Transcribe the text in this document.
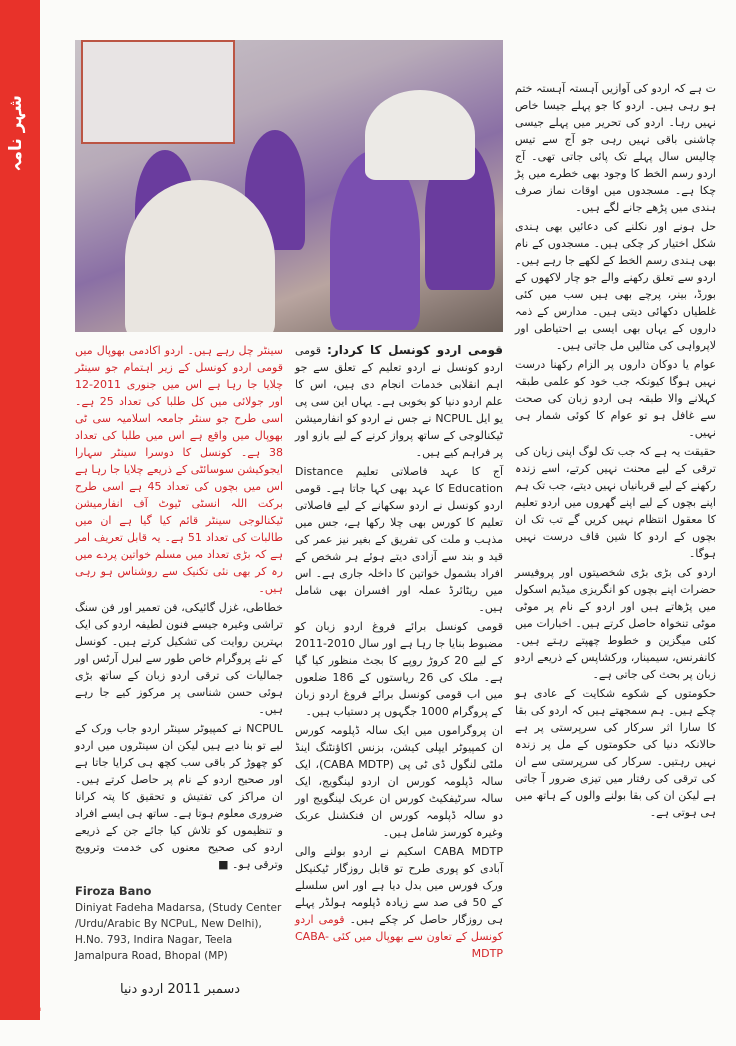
شہر نامہ

سینٹر چل رہے ہیں۔ اردو اکادمی بھوپال میں قومی اردو کونسل کے زیر اہتمام جو سینٹر چلایا جا رہا ہے اس میں جنوری 2011-12 اور جولائی میں کل طلبا کی تعداد 25 ہے۔ اسی طرح جو سنٹر جامعہ اسلامیہ سی ٹی بھوپال میں واقع ہے اس میں طلبا کی تعداد 38 ہے۔ کونسل کا دوسرا سینٹر سہارا ایجوکیشن سوسائٹی کے ذریعے چلایا جا رہا ہے اس میں بچوں کی تعداد 45 ہے اسی طرح برکت اللہ انسٹی ٹیوٹ آف انفارمیشن ٹیکنالوجی سینٹر قائم کیا گیا ہے ان میں طالبات کی تعداد 51 ہے۔ یہ قابل تعریف امر ہے کہ بڑی تعداد میں مسلم خواتین پردے میں رہ کر بھی نئی تکنیک سے روشناس ہو رہی ہیں۔

خطاطی، غزل گائیکی، فن تعمیر اور فن سنگ تراشی وغیرہ جیسے فنون لطیفہ اردو کی ایک بہترین روایت کی تشکیل کرتے ہیں۔ کونسل کے نئے پروگرام خاص طور سے لبرل آرٹس اور جمالیات کی ترقی اردو زبان کے ساتھ بڑی ہوئی حسن شناسی پر مرکوز کیے جا رہے ہیں۔

NCPUL نے کمپیوٹر سینٹر اردو جاب ورک کے لیے تو بنا دیے ہیں لیکن ان سینٹروں میں اردو کو چھوڑ کر باقی سب کچھ ہی کرایا جاتا ہے اور صحیح اردو کے نام پر حاصل کرتے ہیں۔ ان مراکز کی تفتیش و تحقیق کا پتہ کرانا ضروری معلوم ہوتا ہے۔ ساتھ ہی ایسے افراد و تنظیموں کو تلاش کیا جائے جن کے ذریعے اردو کی صحیح معنوں کی خدمت وترویج وترقی ہو۔ ■

Firoza Bano
Diniyat Fadeha Madarsa, (Study Center /Urdu/Arabic By NCPuL, New Delhi), H.No. 793, Indira Nagar, Teela Jamalpura Road, Bhopal (MP)

قومی اردو کونسل کا کردار: قومی اردو کونسل نے اردو تعلیم کے تعلق سے جو اہم انقلابی خدمات انجام دی ہیں، اس کا علم اردو دنیا کو بخوبی ہے۔ یہاں این سی پی یو ایل NCPUL نے جس نے اردو کو انفارمیشن ٹیکنالوجی کے ساتھ پرواز کرنے کے لیے بازو اور پر فراہم کیے ہیں۔

آج کا عہد فاصلاتی تعلیم Distance Education کا عہد بھی کہا جاتا ہے۔ قومی اردو کونسل نے اردو سکھانے کے لیے فاصلاتی تعلیم کا کورس بھی چلا رکھا ہے، جس میں مذہب و ملت کی تفریق کے بغیر نیز عمر کی قید و بند سے آزادی دیتے ہوئے ہر شخص کے افراد بشمول خواتین کا داخلہ جاری ہے۔ اس میں ریٹائرڈ عملہ اور افسران بھی شامل ہیں۔

قومی کونسل برائے فروغ اردو زبان کو مضبوط بنایا جا رہا ہے اور سال 2010-2011 کے لیے 20 کروڑ روپے کا بجٹ منظور کیا گیا ہے۔ ملک کی 26 ریاستوں کے 186 ضلعوں میں اب قومی کونسل برائے فروغ اردو زبان کے پروگرام 1000 جگہوں پر دستیاب ہیں۔

ان پروگراموں میں ایک سالہ ڈپلومہ کورس ان کمپیوٹر ایپلی کیشن، بزنس اکاؤنٹنگ اینڈ ملٹی لنگول ڈی ٹی پی (CABA MDTP)، ایک سالہ ڈپلومہ کورس ان اردو لینگویج، ایک سالہ سرٹیفکیٹ کورس ان عربک لینگویج اور دو سالہ ڈپلومہ کورس ان فنکشنل عربک وغیرہ کورسز شامل ہیں۔

CABA MDTP اسکیم نے اردو بولنے والی آبادی کو پوری طرح تو قابل روزگار ٹیکنیکل ورک فورس میں بدل دیا ہے اور اس سلسلے کے 50 فی صد سے زیادہ ڈپلومہ ہولڈر پہلے ہی روزگار حاصل کر چکے ہیں۔ قومی اردو کونسل کے تعاون سے بھوپال میں کئی CABA-MDTP

ت ہے کہ اردو کی آوازیں آہستہ آہستہ ختم ہو رہی ہیں۔ اردو کا جو پہلے جیسا خاص نہیں رہا۔ اردو کی تحریر میں پہلے جیسی چاشنی باقی نہیں رہی جو آج سے تیس چالیس سال پہلے تک پائی جاتی تھی۔ آج اردو رسم الخط کا وجود بھی خطرے میں پڑ چکا ہے۔ مسجدوں میں اوقات نماز صرف ہندی میں پڑھے جانے لگے ہیں۔

حل ہونے اور نکلنے کی دعائیں بھی ہندی شکل اختیار کر چکی ہیں۔ مسجدوں کے نام بھی ہندی رسم الخط کے لکھے جا رہے ہیں۔ اردو سے تعلق رکھنے والے جو چار لاکھوں کے بورڈ، بینر، پرچے بھی ہیں سب میں کئی غلطیاں دکھائی دیتی ہیں۔ مدارس کے ذمہ داروں کے یہاں بھی ایسی بے احتیاطی اور لاپرواہی کی مثالیں مل جاتی ہیں۔

عوام یا دوکان داروں پر الزام رکھنا درست نہیں ہوگا کیونکہ جب خود کو علمی طبقہ کہلانے والا طبقہ ہی اردو زبان کی صحت سے غافل ہو تو عوام کا کوئی شمار ہی نہیں۔

حقیقت یہ ہے کہ جب تک لوگ اپنی زبان کی ترقی کے لیے محنت نہیں کرتے، اسے زندہ رکھنے کے لیے قربانیاں نہیں دیتے، جب تک ہم اپنے بچوں کے لیے اپنے گھروں میں اردو تعلیم کا معقول انتظام نہیں کریں گے تب تک ان بچوں کے اردو کا شین قاف درست نہیں ہوگا۔

اردو کی بڑی بڑی شخصیتوں اور پروفیسر حضرات اپنے بچوں کو انگریزی میڈیم اسکول میں پڑھاتے ہیں اور اردو کے نام پر موٹی موٹی تنخواہ حاصل کرتے ہیں۔ اخبارات میں کئی میگزین و خطوط چھپتے رہتے ہیں۔ کانفرنس، سیمینار، ورکشاپس کے ذریعے اردو زبان پر بحث کی جاتی ہے۔

حکومتوں کے شکوے شکایت کے عادی ہو چکے ہیں۔ ہم سمجھتے ہیں کہ اردو کی بقا کا سارا اثر سرکار کی سرپرستی پر ہے حالانکہ دنیا کی حکومتوں کے مل پر زندہ نہیں رہتیں۔ سرکار کی سرپرستی سے ان کی ترقی کی رفتار میں تیزی ضرور آ جاتی ہے لیکن ان کی بقا بولنے والوں کے ہاتھ میں ہی ہوتی ہے۔

دسمبر 2011 اردو دنیا
61
